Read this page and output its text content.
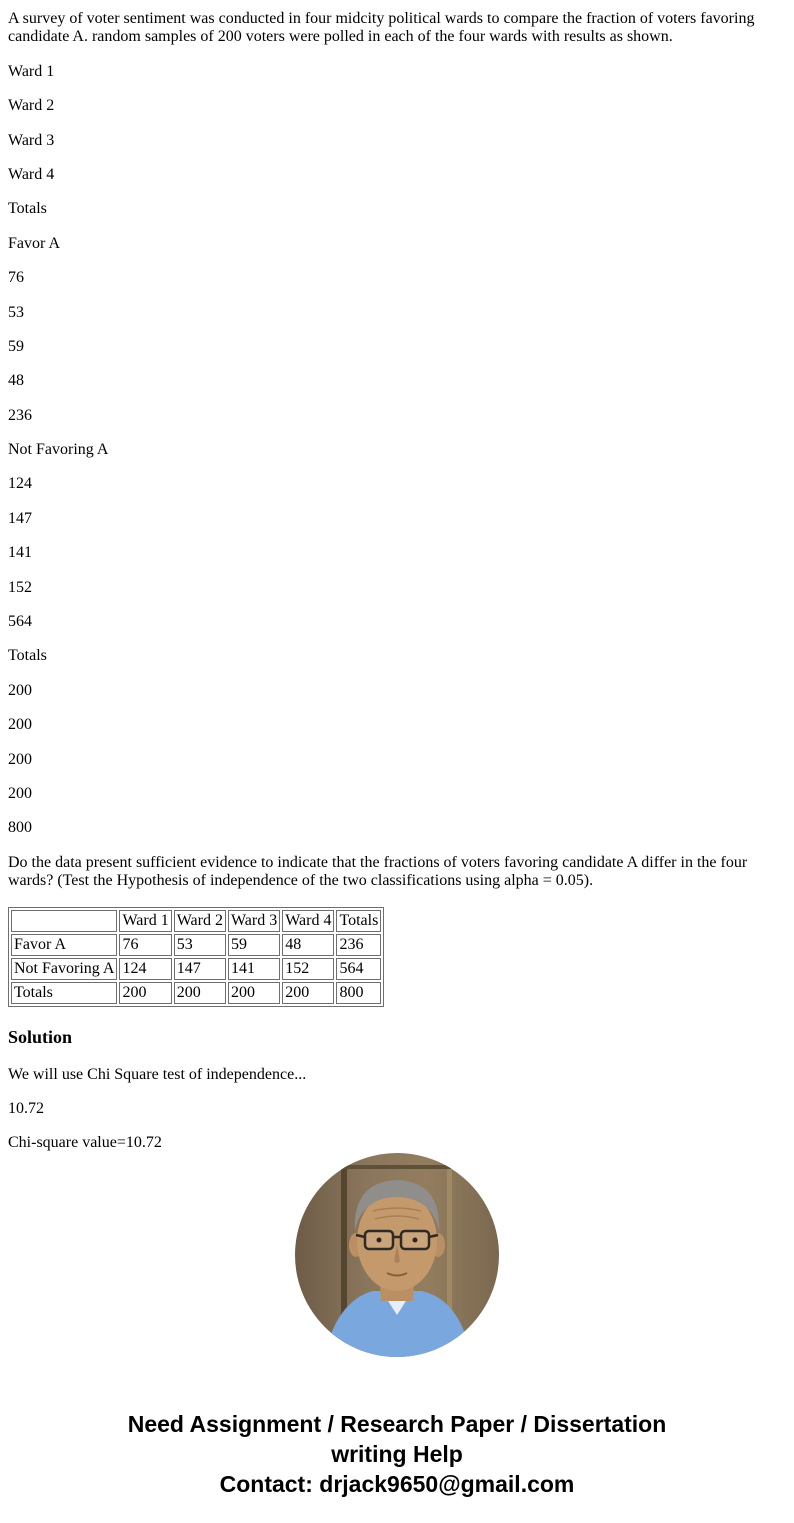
A survey of voter sentiment was conducted in four midcity political wards to compare the fraction of voters favoring candidate A. random samples of 200 voters were polled in each of the four wards with results as shown.

Ward 1

Ward 2

Ward 3

Ward 4

Totals

Favor A

76

53

59

48

236

Not Favoring A

124

147

141

152

564

Totals

200

200

200

200

800

Do the data present sufficient evidence to indicate that the fractions of voters favoring candidate A differ in the four wards? (Test the Hypothesis of independence of the two classifications using alpha = 0.05).

	Ward 1	Ward 2	Ward 3	Ward 4	Totals
Favor A	76	53	59	48	236
Not Favoring A	124	147	141	152	564
Totals	200	200	200	200	800
Solution

We will use Chi Square test of independence...

10.72

Chi-square value=10.72

Need Assignment / Research Paper / Dissertation
writing Help
Contact: drjack9650@gmail.com
